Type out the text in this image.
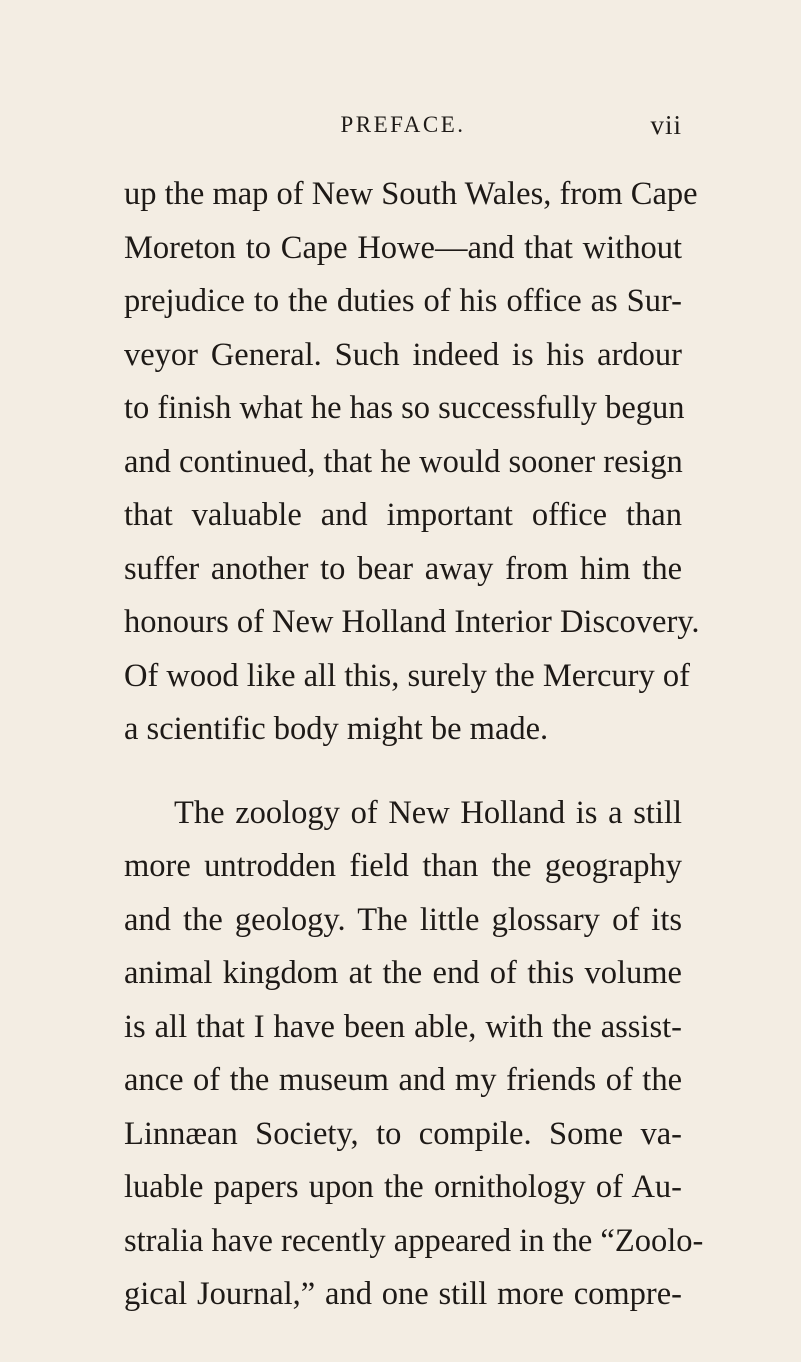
PREFACE.	vii
up the map of New South Wales, from Cape
Moreton to Cape Howe—and that without
prejudice to the duties of his office as Sur-
veyor General. Such indeed is his ardour
to finish what he has so successfully begun
and continued, that he would sooner resign
that valuable and important office than
suffer another to bear away from him the
honours of New Holland Interior Discovery.
Of wood like all this, surely the Mercury of
a scientific body might be made.
The zoology of New Holland is a still
more untrodden field than the geography
and the geology. The little glossary of its
animal kingdom at the end of this volume
is all that I have been able, with the assist-
ance of the museum and my friends of the
Linnæan Society, to compile. Some va-
luable papers upon the ornithology of Au-
stralia have recently appeared in the “Zoolo-
gical Journal,” and one still more compre-
